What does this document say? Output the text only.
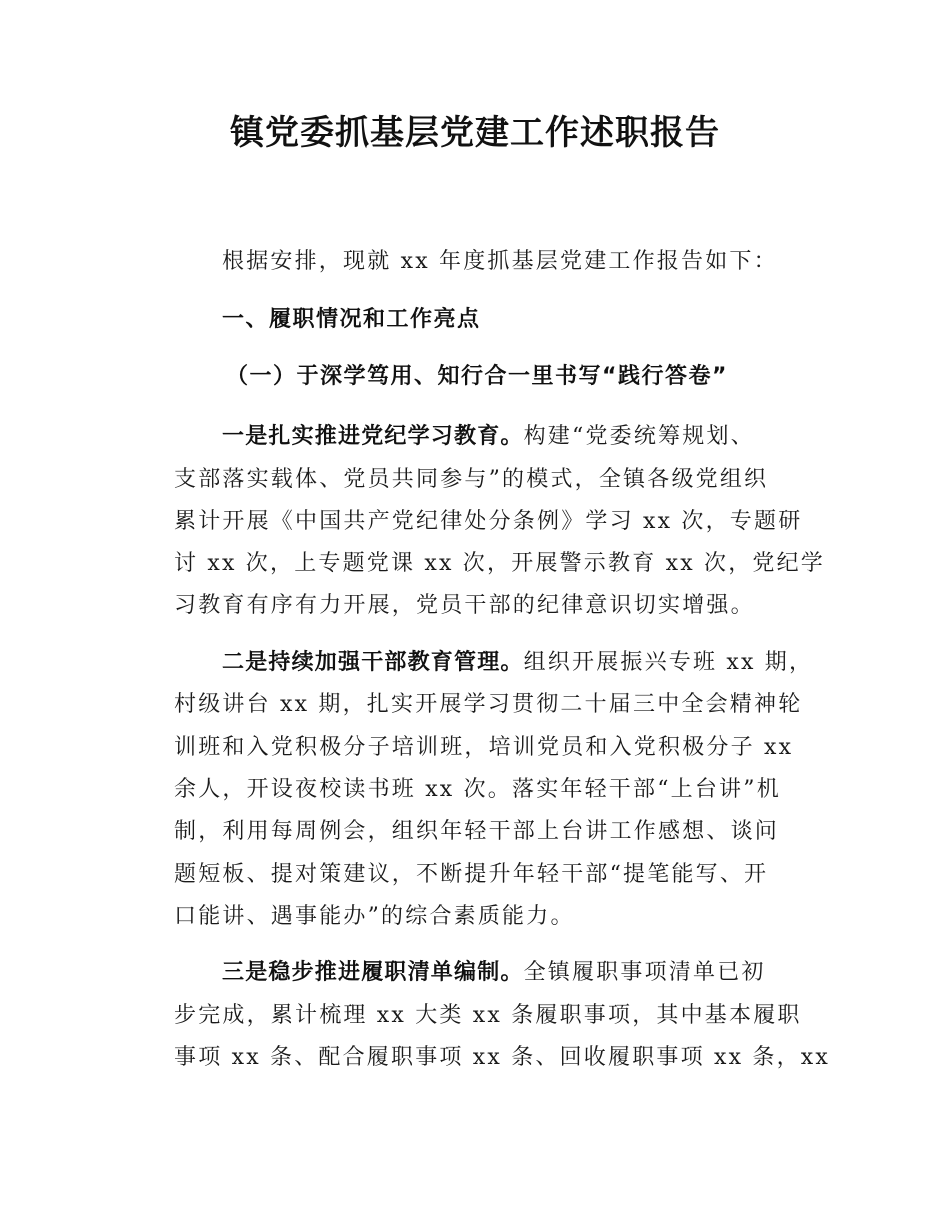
镇党委抓基层党建工作述职报告

根据安排，现就 xx 年度抓基层党建工作报告如下：

一、履职情况和工作亮点

（一）于深学笃用、知行合一里书写“践行答卷”

一是扎实推进党纪学习教育。构建“党委统筹规划、

支部落实载体、党员共同参与”的模式，全镇各级党组织

累计开展《中国共产党纪律处分条例》学习 xx 次，专题研

讨 xx 次，上专题党课 xx 次，开展警示教育 xx 次，党纪学

习教育有序有力开展，党员干部的纪律意识切实增强。

二是持续加强干部教育管理。组织开展振兴专班 xx 期，

村级讲台 xx 期，扎实开展学习贯彻二十届三中全会精神轮

训班和入党积极分子培训班，培训党员和入党积极分子 xx

余人，开设夜校读书班 xx 次。落实年轻干部“上台讲”机

制，利用每周例会，组织年轻干部上台讲工作感想、谈问

题短板、提对策建议，不断提升年轻干部“提笔能写、开

口能讲、遇事能办”的综合素质能力。

三是稳步推进履职清单编制。全镇履职事项清单已初

步完成，累计梳理 xx 大类 xx 条履职事项，其中基本履职

事项 xx 条、配合履职事项 xx 条、回收履职事项 xx 条，xx
